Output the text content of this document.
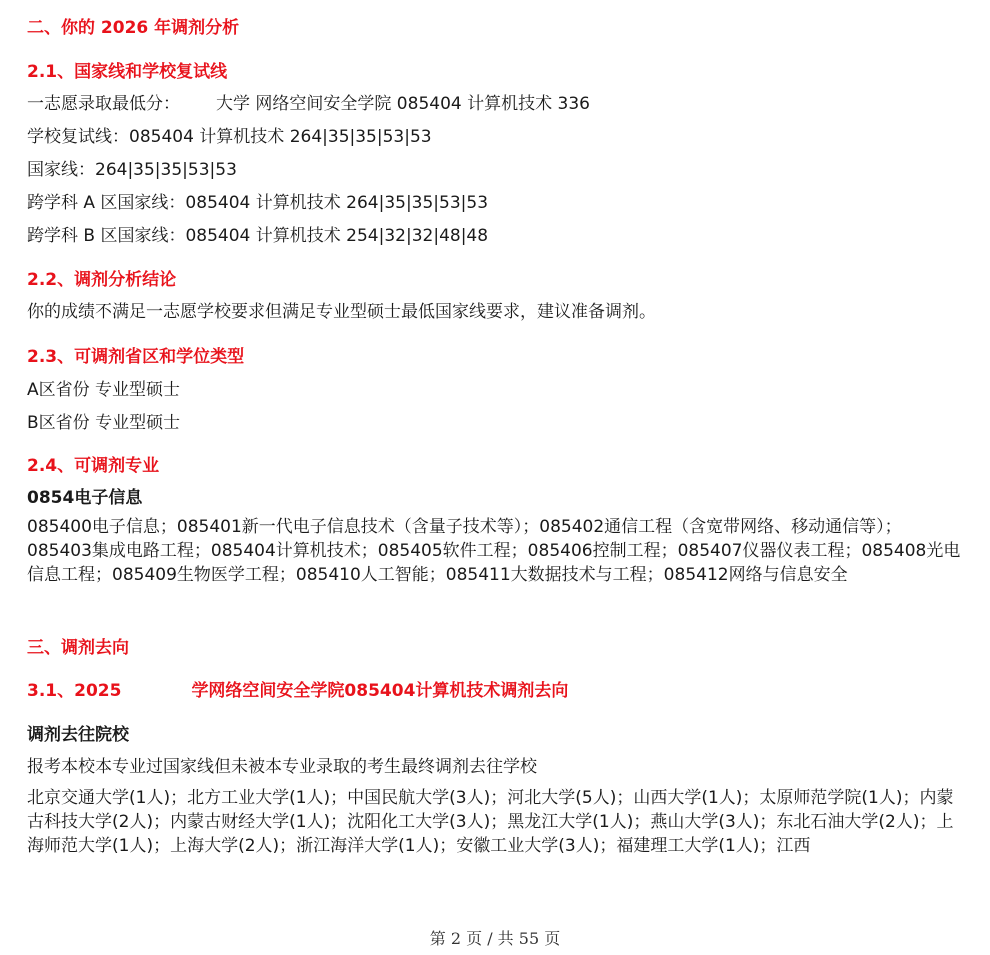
二、你的 2026 年调剂分析
2.1、国家线和学校复试线
一志愿录取最低分： 大学 网络空间安全学院 085404 计算机技术 336
学校复试线：085404 计算机技术 264|35|35|53|53
国家线：264|35|35|53|53
跨学科 A 区国家线：085404 计算机技术 264|35|35|53|53
跨学科 B 区国家线：085404 计算机技术 254|32|32|48|48
2.2、调剂分析结论
你的成绩不满足一志愿学校要求但满足专业型硕士最低国家线要求，建议准备调剂。
2.3、可调剂省区和学位类型
A区省份 专业型硕士
B区省份 专业型硕士
2.4、可调剂专业
0854电子信息
085400电子信息；085401新一代电子信息技术（含量子技术等）；085402通信工程（含宽带网络、移动通信等）；085403集成电路工程；085404计算机技术；085405软件工程；085406控制工程；085407仪器仪表工程；085408光电信息工程；085409生物医学工程；085410人工智能；085411大数据技术与工程；085412网络与信息安全
三、调剂去向
3.1、2025	学网络空间安全学院085404计算机技术调剂去向
调剂去往院校
报考本校本专业过国家线但未被本专业录取的考生最终调剂去往学校
北京交通大学(1人)；北方工业大学(1人)；中国民航大学(3人)；河北大学(5人)；山西大学(1人)；太原师范学院(1人)；内蒙古科技大学(2人)；内蒙古财经大学(1人)；沈阳化工大学(3人)；黑龙江大学(1人)；燕山大学(3人)；东北石油大学(2人)；上海师范大学(1人)；上海大学(2人)；浙江海洋大学(1人)；安徽工业大学(3人)；福建理工大学(1人)；江西
第 2 页 / 共 55 页
